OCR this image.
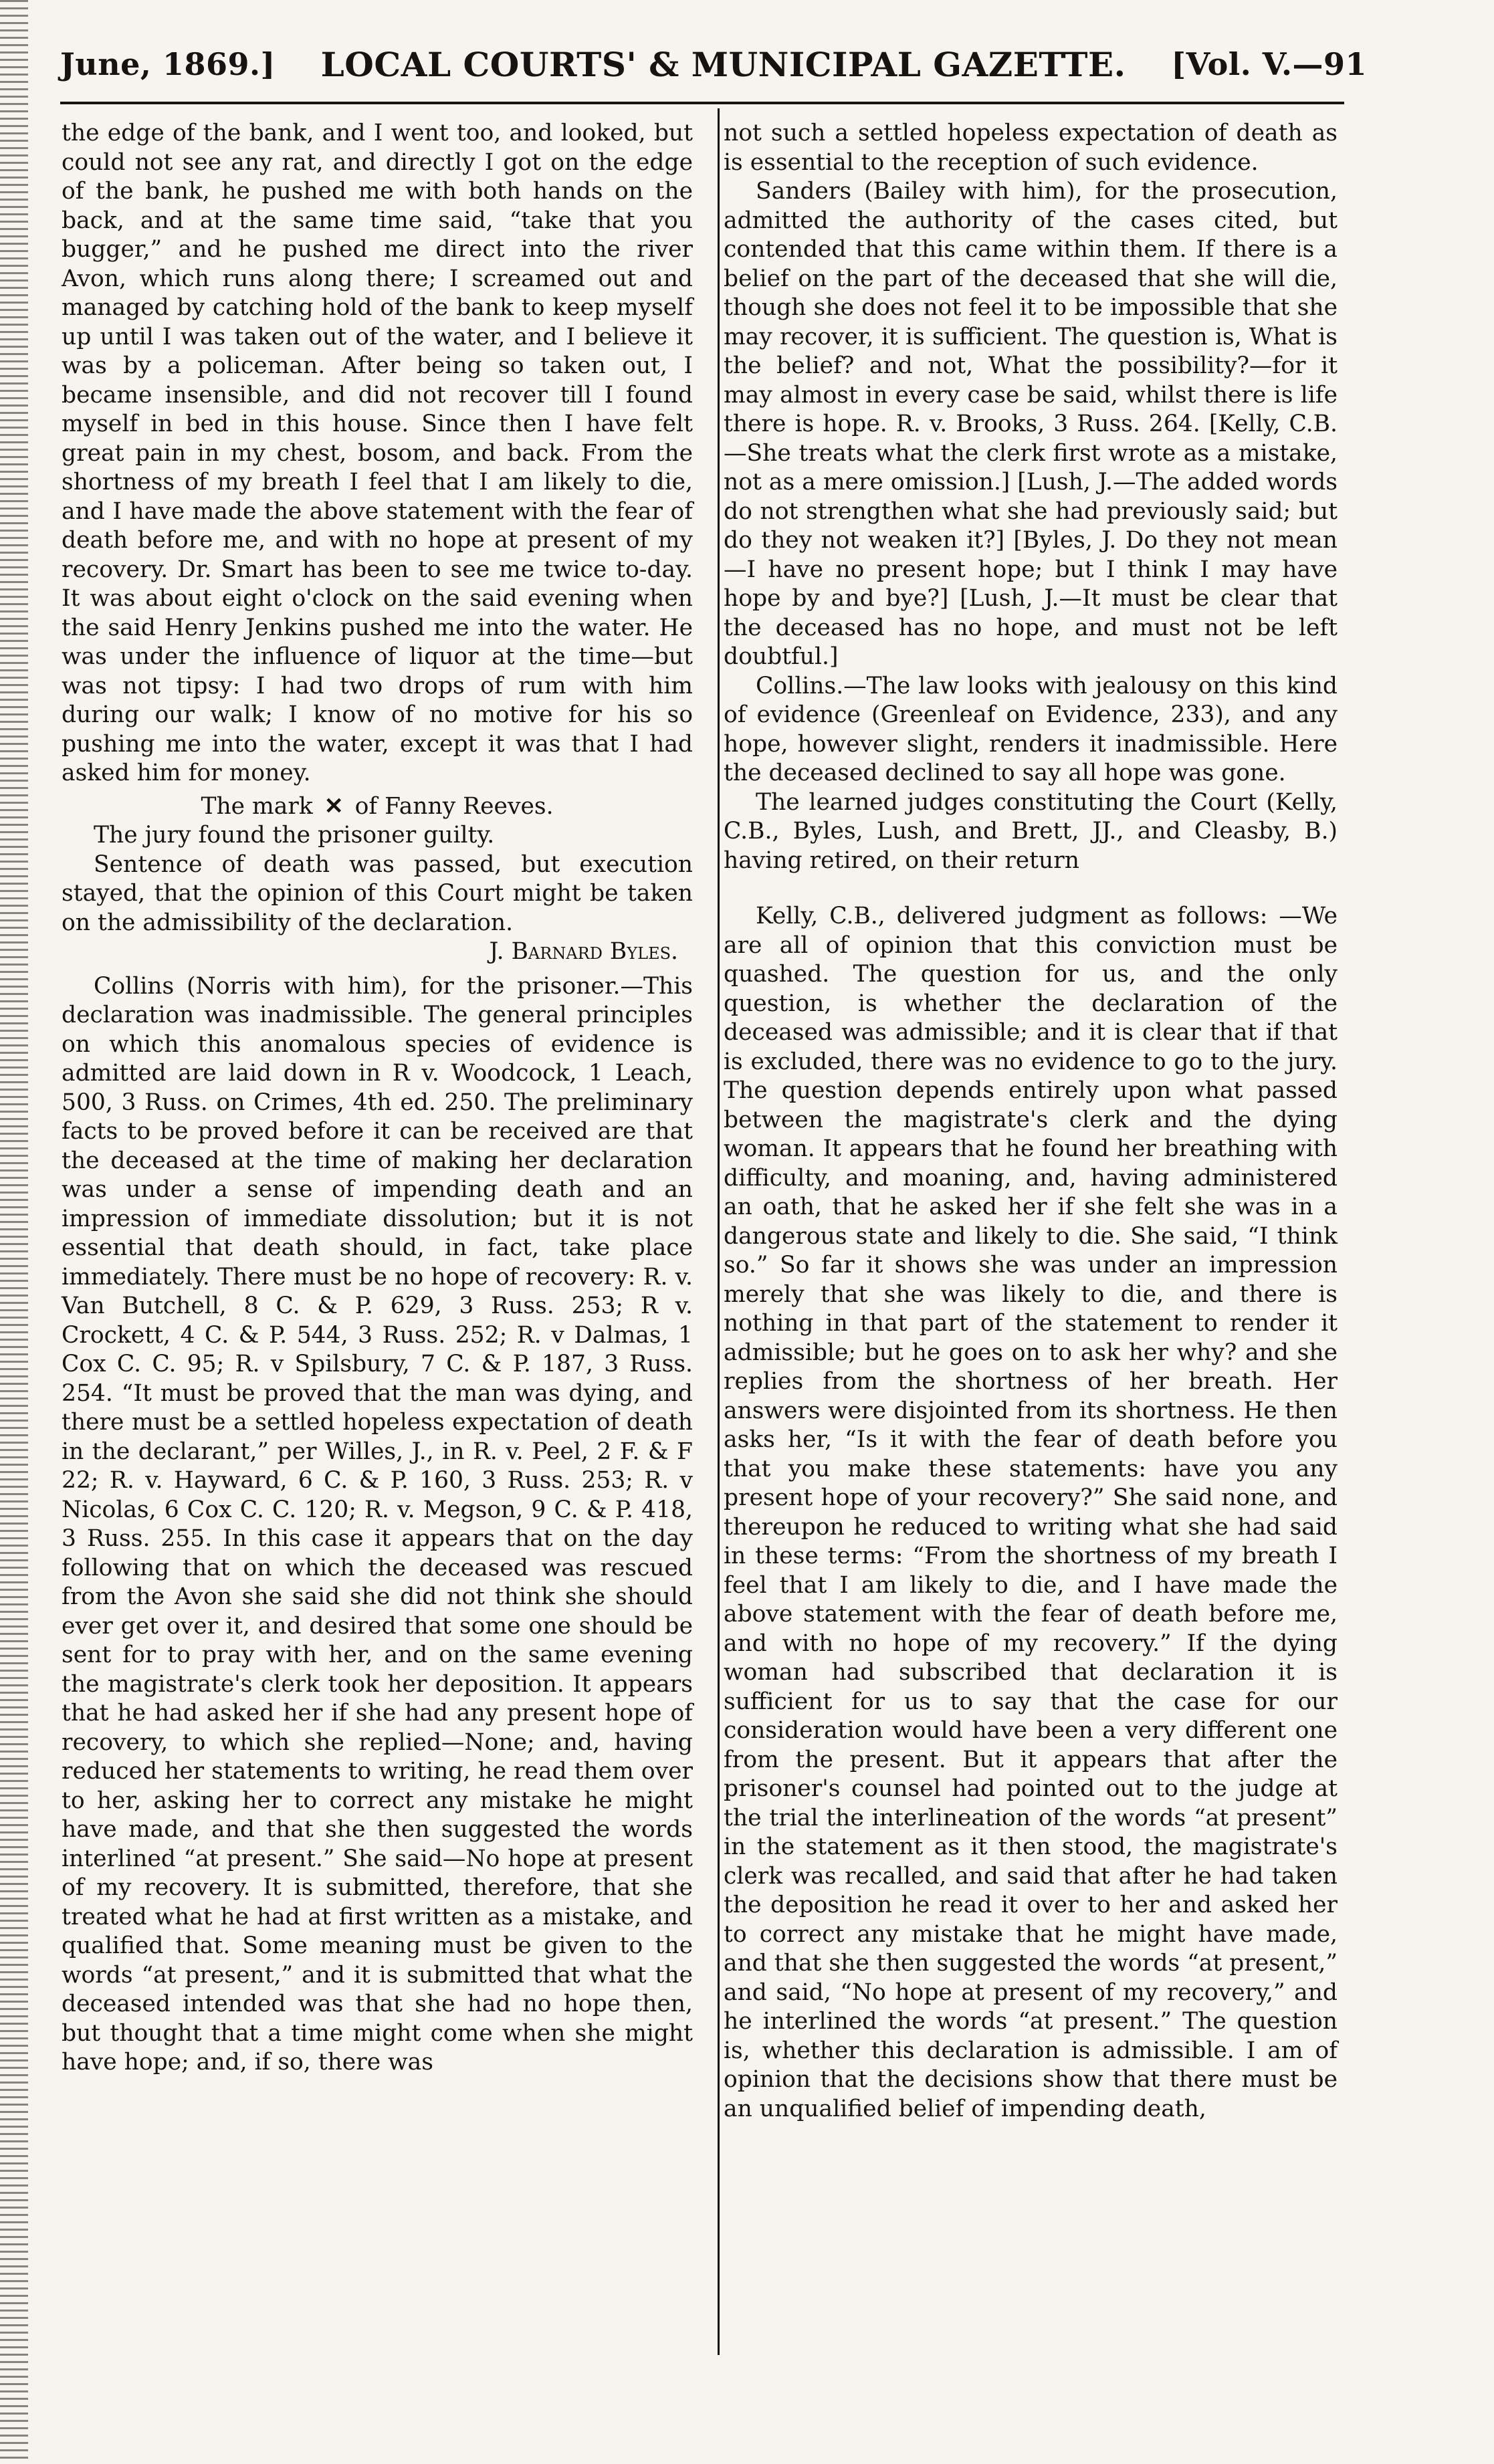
June, 1869.] LOCAL COURTS' & MUNICIPAL GAZETTE. [Vol. V.—91

the edge of the bank, and I went too, and looked, but could not see any rat, and directly I got on the edge of the bank, he pushed me with both hands on the back, and at the same time said, “take that you bugger,” and he pushed me direct into the river Avon, which runs along there; I screamed out and managed by catching hold of the bank to keep myself up until I was taken out of the water, and I believe it was by a policeman. After being so taken out, I became insensible, and did not recover till I found myself in bed in this house. Since then I have felt great pain in my chest, bosom, and back. From the shortness of my breath I feel that I am likely to die, and I have made the above statement with the fear of death before me, and with no hope at present of my recovery. Dr. Smart has been to see me twice to-day. It was about eight o'clock on the said evening when the said Henry Jenkins pushed me into the water. He was under the influence of liquor at the time—but was not tipsy: I had two drops of rum with him during our walk; I know of no motive for his so pushing me into the water, except it was that I had asked him for money.

The mark ✕ of Fanny Reeves.

The jury found the prisoner guilty.

Sentence of death was passed, but execution stayed, that the opinion of this Court might be taken on the admissibility of the declaration.

J. Barnard Byles.

Collins (Norris with him), for the prisoner.—This declaration was inadmissible. The general principles on which this anomalous species of evidence is admitted are laid down in R v. Woodcock, 1 Leach, 500, 3 Russ. on Crimes, 4th ed. 250. The preliminary facts to be proved before it can be received are that the deceased at the time of making her declaration was under a sense of impending death and an impression of immediate dissolution; but it is not essential that death should, in fact, take place immediately. There must be no hope of recovery: R. v. Van Butchell, 8 C. & P. 629, 3 Russ. 253; R v. Crockett, 4 C. & P. 544, 3 Russ. 252; R. v Dalmas, 1 Cox C. C. 95; R. v Spilsbury, 7 C. & P. 187, 3 Russ. 254. “It must be proved that the man was dying, and there must be a settled hopeless expectation of death in the declarant,” per Willes, J., in R. v. Peel, 2 F. & F 22; R. v. Hayward, 6 C. & P. 160, 3 Russ. 253; R. v Nicolas, 6 Cox C. C. 120; R. v. Megson, 9 C. & P. 418, 3 Russ. 255. In this case it appears that on the day following that on which the deceased was rescued from the Avon she said she did not think she should ever get over it, and desired that some one should be sent for to pray with her, and on the same evening the magistrate's clerk took her deposition. It appears that he had asked her if she had any present hope of recovery, to which she replied—None; and, having reduced her statements to writing, he read them over to her, asking her to correct any mistake he might have made, and that she then suggested the words interlined “at present.” She said—No hope at present of my recovery. It is submitted, therefore, that she treated what he had at first written as a mistake, and qualified that. Some meaning must be given to the words “at present,” and it is submitted that what the deceased intended was that she had no hope then, but thought that a time might come when she might have hope; and, if so, there was

not such a settled hopeless expectation of death as is essential to the reception of such evidence.

Sanders (Bailey with him), for the prosecution, admitted the authority of the cases cited, but contended that this came within them. If there is a belief on the part of the deceased that she will die, though she does not feel it to be impossible that she may recover, it is sufficient. The question is, What is the belief? and not, What the possibility?—for it may almost in every case be said, whilst there is life there is hope. R. v. Brooks, 3 Russ. 264. [Kelly, C.B.—She treats what the clerk first wrote as a mistake, not as a mere omission.] [Lush, J.—The added words do not strengthen what she had previously said; but do they not weaken it?] [Byles, J. Do they not mean—I have no present hope; but I think I may have hope by and bye?] [Lush, J.—It must be clear that the deceased has no hope, and must not be left doubtful.]

Collins.—The law looks with jealousy on this kind of evidence (Greenleaf on Evidence, 233), and any hope, however slight, renders it inadmissible. Here the deceased declined to say all hope was gone.

The learned judges constituting the Court (Kelly, C.B., Byles, Lush, and Brett, JJ., and Cleasby, B.) having retired, on their return

Kelly, C.B., delivered judgment as follows: —We are all of opinion that this conviction must be quashed. The question for us, and the only question, is whether the declaration of the deceased was admissible; and it is clear that if that is excluded, there was no evidence to go to the jury. The question depends entirely upon what passed between the magistrate's clerk and the dying woman. It appears that he found her breathing with difficulty, and moaning, and, having administered an oath, that he asked her if she felt she was in a dangerous state and likely to die. She said, “I think so.” So far it shows she was under an impression merely that she was likely to die, and there is nothing in that part of the statement to render it admissible; but he goes on to ask her why? and she replies from the shortness of her breath. Her answers were disjointed from its shortness. He then asks her, “Is it with the fear of death before you that you make these statements: have you any present hope of your recovery?” She said none, and thereupon he reduced to writing what she had said in these terms: “From the shortness of my breath I feel that I am likely to die, and I have made the above statement with the fear of death before me, and with no hope of my recovery.” If the dying woman had subscribed that declaration it is sufficient for us to say that the case for our consideration would have been a very different one from the present. But it appears that after the prisoner's counsel had pointed out to the judge at the trial the interlineation of the words “at present” in the statement as it then stood, the magistrate's clerk was recalled, and said that after he had taken the deposition he read it over to her and asked her to correct any mistake that he might have made, and that she then suggested the words “at present,” and said, “No hope at present of my recovery,” and he interlined the words “at present.” The question is, whether this declaration is admissible. I am of opinion that the decisions show that there must be an unqualified belief of impending death,
